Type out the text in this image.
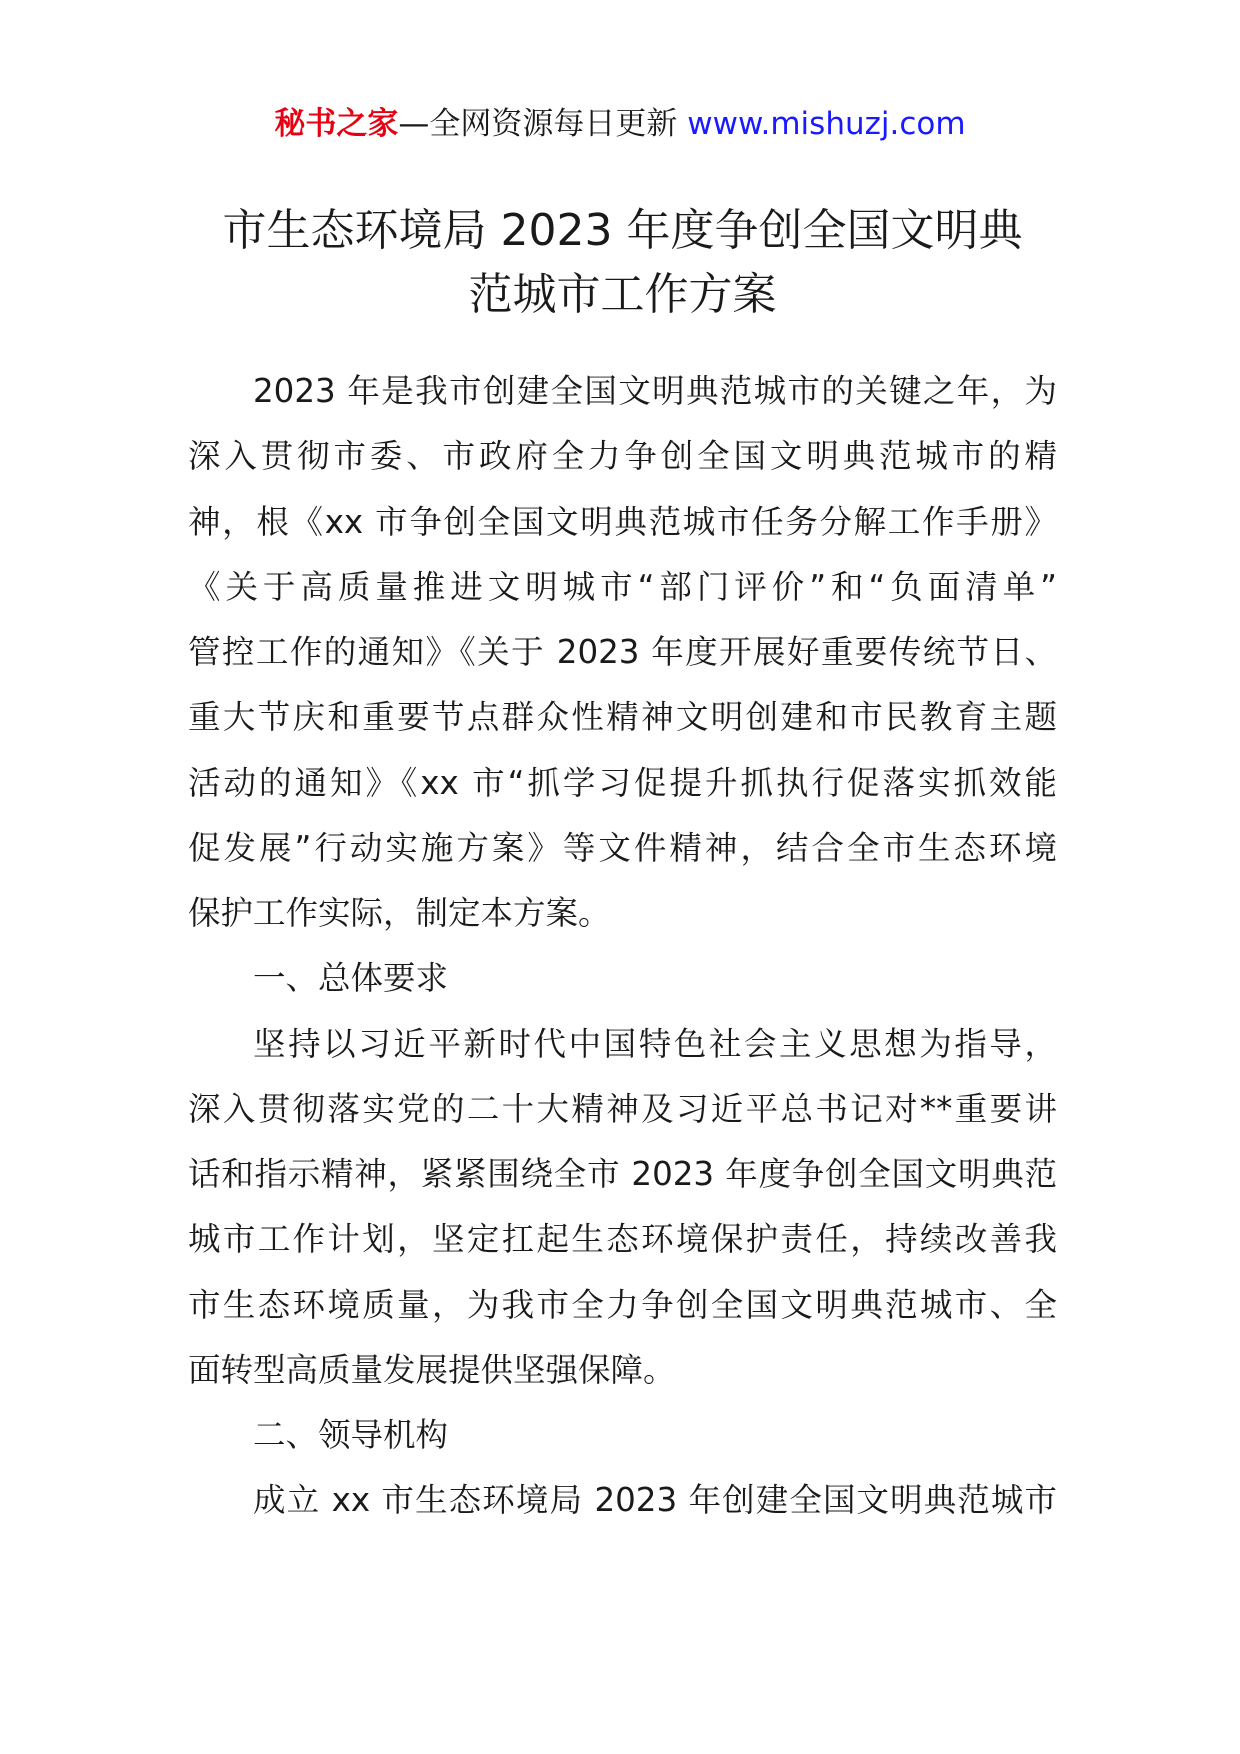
秘书之家—全网资源每日更新 www.mishuzj.com
市生态环境局 2023 年度争创全国文明典
范城市工作方案
2023 年是我市创建全国文明典范城市的关键之年，为
深入贯彻市委、市政府全力争创全国文明典范城市的精
神，根《xx 市争创全国文明典范城市任务分解工作手册》
《关于高质量推进文明城市“部门评价”和“负面清单”
管控工作的通知》《关于 2023 年度开展好重要传统节日、
重大节庆和重要节点群众性精神文明创建和市民教育主题
活动的通知》《xx 市“抓学习促提升抓执行促落实抓效能
促发展”行动实施方案》等文件精神，结合全市生态环境
保护工作实际，制定本方案。
一、总体要求
坚持以习近平新时代中国特色社会主义思想为指导，
深入贯彻落实党的二十大精神及习近平总书记对**重要讲
话和指示精神，紧紧围绕全市 2023 年度争创全国文明典范
城市工作计划，坚定扛起生态环境保护责任，持续改善我
市生态环境质量，为我市全力争创全国文明典范城市、全
面转型高质量发展提供坚强保障。
二、领导机构
成立 xx 市生态环境局 2023 年创建全国文明典范城市
